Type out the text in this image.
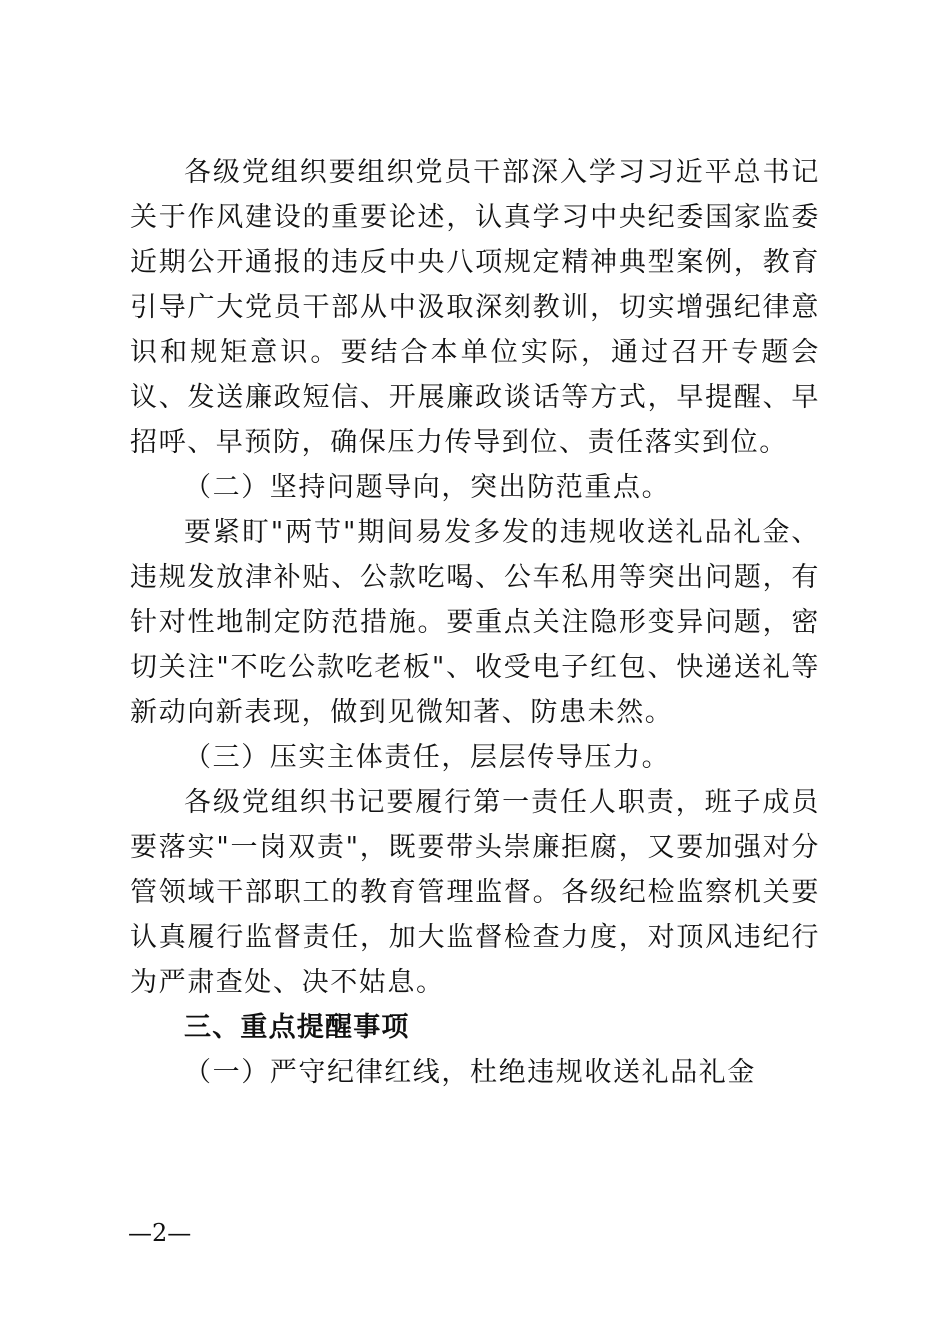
各级党组织要组织党员干部深入学习习近平总书记关于作风建设的重要论述，认真学习中央纪委国家监委近期公开通报的违反中央八项规定精神典型案例，教育引导广大党员干部从中汲取深刻教训，切实增强纪律意识和规矩意识。要结合本单位实际，通过召开专题会议、发送廉政短信、开展廉政谈话等方式，早提醒、早招呼、早预防，确保压力传导到位、责任落实到位。

（二）坚持问题导向，突出防范重点。

要紧盯"两节"期间易发多发的违规收送礼品礼金、违规发放津补贴、公款吃喝、公车私用等突出问题，有针对性地制定防范措施。要重点关注隐形变异问题，密切关注"不吃公款吃老板"、收受电子红包、快递送礼等新动向新表现，做到见微知著、防患未然。

（三）压实主体责任，层层传导压力。

各级党组织书记要履行第一责任人职责，班子成员要落实"一岗双责"，既要带头崇廉拒腐，又要加强对分管领域干部职工的教育管理监督。各级纪检监察机关要认真履行监督责任，加大监督检查力度，对顶风违纪行为严肃查处、决不姑息。

三、重点提醒事项

（一）严守纪律红线，杜绝违规收送礼品礼金

—2—
